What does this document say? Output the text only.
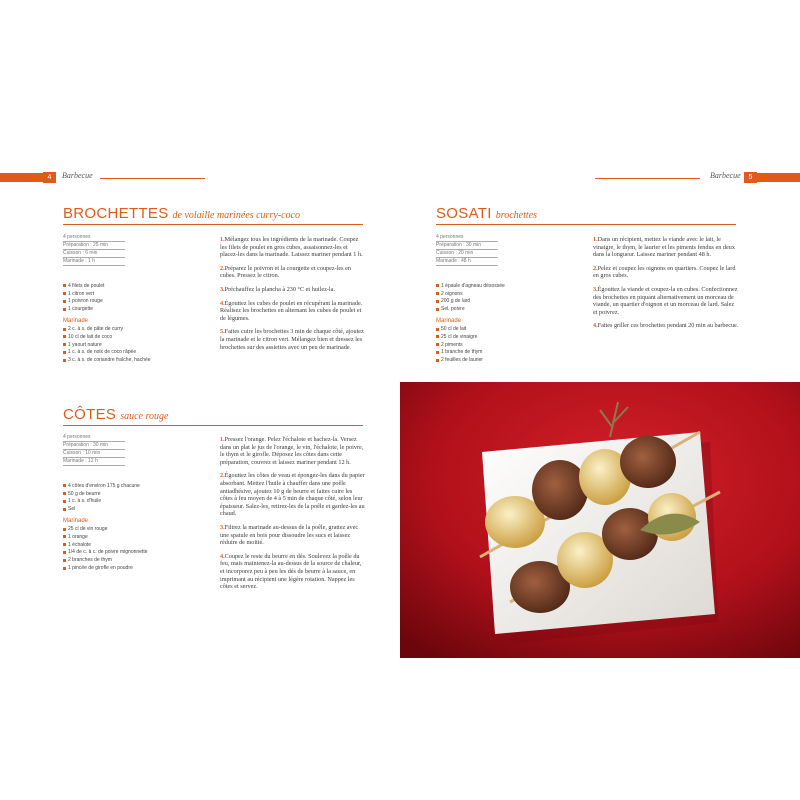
4	Barbecue	Barbecue	5
BROCHETTES de volaille marinées curry-coco
4 personnes
Préparation : 25 min
Cuisson : 6 min
Marinade : 1 h
4 filets de poulet
1 citron vert
1 poivron rouge
1 courgette
Marinade
2 c. à s. de pâte de curry
10 cl de lait de coco
1 yaourt nature
1 c. à s. de noix de coco râpée
3 c. à s. de coriandre fraîche, hachée

1.Mélangez tous les ingrédients de la marinade. Coupez les filets de poulet en gros cubes, assaisonnez-les et placez-les dans la marinade. Laissez mariner pendant 1 h.

2.Préparez le poivron et la courgette et coupez-les en cubes. Pressez le citron.

3.Préchauffez la plancha à 230 °C et huilez-la.

4.Égouttez les cubes de poulet en récupérant la marinade. Réalisez les brochettes en alternant les cubes de poulet et de légumes.

5.Faites cuire les brochettes 3 min de chaque côté, ajoutez la marinade et le citron vert. Mélangez bien et dressez les brochettes sur des assiettes avec un peu de marinade.

CÔTES sauce rouge
4 personnes
Préparation : 30 min
Cuisson : 10 min
Marinade : 12 h
4 côtes d'environ 175 g chacune
50 g de beurre
1 c. à s. d'huile
Sel
Marinade
25 cl de vin rouge
1 orange
1 échalote
1/4 de c. à c. de poivre mignonnette
2 branches de thym
1 pincée de girofle en poudre

1.Pressez l'orange. Pelez l'échalote et hachez-la. Versez dans un plat le jus de l'orange, le vin, l'échalote, le poivre, le thym et le girofle. Déposez les côtes dans cette préparation, couvrez et laissez mariner pendant 12 h.

2.Égouttez les côtes de veau et épongez-les dans du papier absorbant. Mettez l'huile à chauffer dans une poêle antiadhésive, ajoutez 10 g de beurre et faites cuire les côtes à feu moyen de 4 à 5 min de chaque côté, selon leur épaisseur. Salez-les, retirez-les de la poêle et gardez-les au chaud.

3.Filtrez la marinade au-dessus de la poêle, grattez avec une spatule en bois pour dissoudre les sucs et laissez réduire de moitié.

4.Coupez le reste du beurre en dés. Soulevez la poêle du feu, mais maintenez-la au-dessus de la source de chaleur, et incorporez peu à peu les dés de beurre à la sauce, en imprimant au récipient une légère rotation. Nappez les côtes et servez.

SOSATI brochettes
4 personnes
Préparation : 30 min
Cuisson : 20 min
Marinade : 48 h
1 épaule d'agneau désossée
2 oignons
200 g de lard
Sel, poivre
Marinade
50 cl de lait
25 cl de vinaigre
2 piments
1 branche de thym
2 feuilles de laurier

1.Dans un récipient, mettez la viande avec le lait, le vinaigre, le thym, le laurier et les piments fendus en deux dans la longueur. Laissez mariner pendant 48 h.

2.Pelez et coupez les oignons en quartiers. Coupez le lard en gros cubes.

3.Égouttez la viande et coupez-la en cubes. Confectionnez des brochettes en piquant alternativement un morceau de viande, un quartier d'oignon et un morceau de lard. Salez et poivrez.

4.Faites griller ces brochettes pendant 20 min au barbecue.
